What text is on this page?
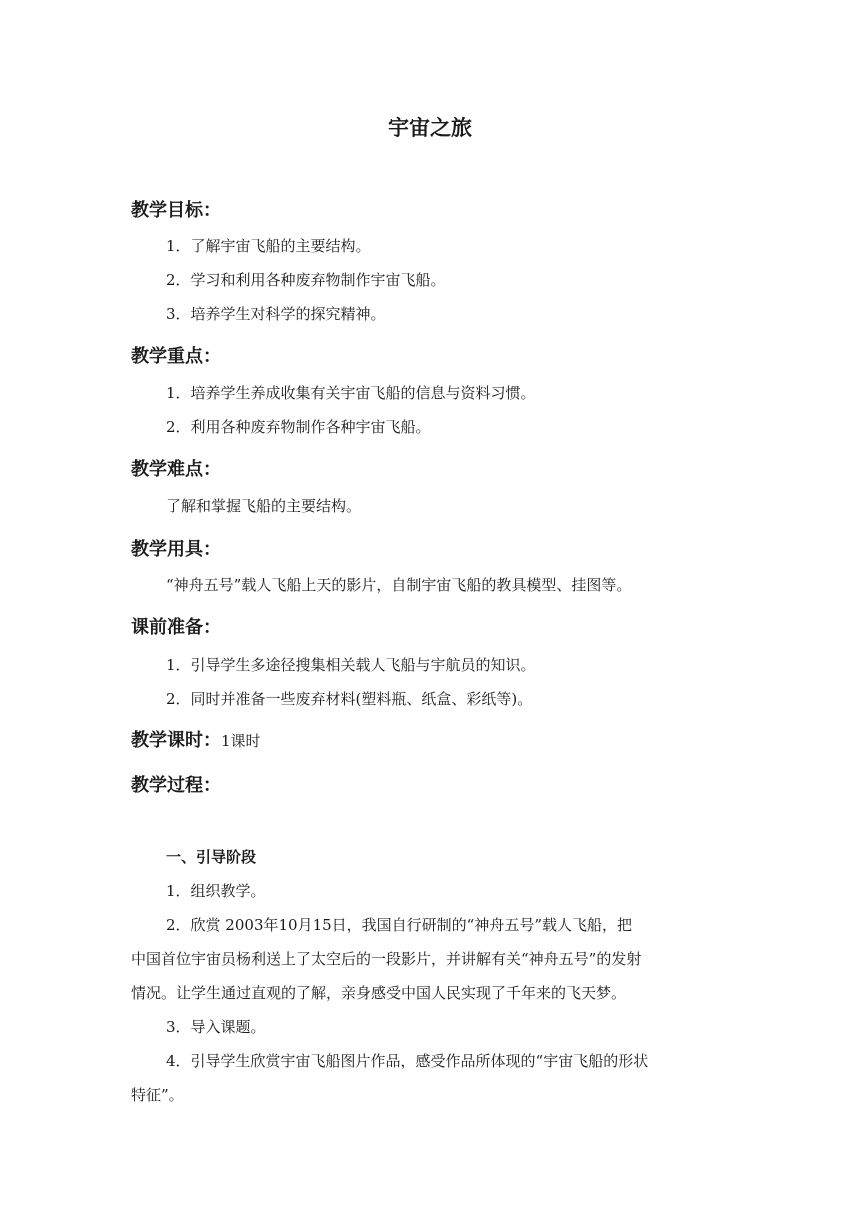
宇宙之旅
教学目标：
1．了解宇宙飞船的主要结构。
2．学习和利用各种废弃物制作宇宙飞船。
3．培养学生对科学的探究精神。
教学重点：
1．培养学生养成收集有关宇宙飞船的信息与资料习惯。
2．利用各种废弃物制作各种宇宙飞船。
教学难点：
了解和掌握飞船的主要结构。
教学用具：
“神舟五号”载人飞船上天的影片，自制宇宙飞船的教具模型、挂图等。
课前准备：
1．引导学生多途径搜集相关载人飞船与宇航员的知识。
2．同时并准备一些废弃材料(塑料瓶、纸盒、彩纸等)。
教学课时：1课时
教学过程：
一、引导阶段
1．组织教学。
2．欣赏 2003年10月15日，我国自行研制的“神舟五号”载人飞船，把
中国首位宇宙员杨利送上了太空后的一段影片，并讲解有关“神舟五号”的发射
情况。让学生通过直观的了解，亲身感受中国人民实现了千年来的飞天梦。
3．导入课题。
4．引导学生欣赏宇宙飞船图片作品，感受作品所体现的“宇宙飞船的形状
特征”。
